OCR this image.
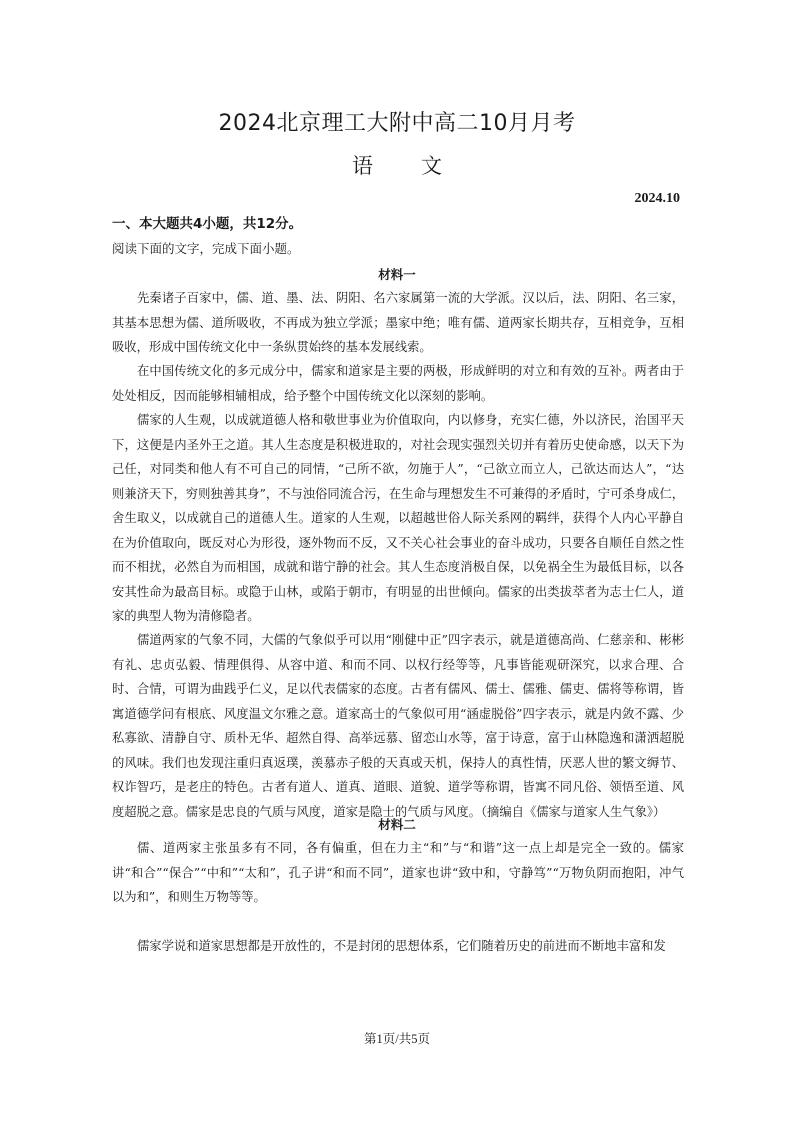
2024北京理工大附中高二10月月考
语文
2024.10
一、本大题共4小题，共12分。
阅读下面的文字，完成下面小题。
材料一

先秦诸子百家中，儒、道、墨、法、阴阳、名六家属第一流的大学派。汉以后，法、阴阳、名三家，其基本思想为儒、道所吸收，不再成为独立学派；墨家中绝；唯有儒、道两家长期共存，互相竞争，互相吸收，形成中国传统文化中一条纵贯始终的基本发展线索。

在中国传统文化的多元成分中，儒家和道家是主要的两极，形成鲜明的对立和有效的互补。两者由于处处相反，因而能够相辅相成，给予整个中国传统文化以深刻的影响。

儒家的人生观，以成就道德人格和敬世事业为价值取向，内以修身，充实仁德，外以济民，治国平天下，这便是内圣外王之道。其人生态度是积极进取的，对社会现实强烈关切并有着历史使命感，以天下为己任，对同类和他人有不可自己的同情，“己所不欲，勿施于人”，“己欲立而立人，己欲达而达人”，“达则兼济天下，穷则独善其身”，不与浊俗同流合污，在生命与理想发生不可兼得的矛盾时，宁可杀身成仁，舍生取义，以成就自己的道德人生。道家的人生观，以超越世俗人际关系网的羁绊，获得个人内心平静自在为价值取向，既反对心为形役，逐外物而不反，又不关心社会事业的奋斗成功，只要各自顺任自然之性而不相扰，必然自为而相国，成就和谐宁静的社会。其人生态度消极自保，以免祸全生为最低目标，以各安其性命为最高目标。或隐于山林，或陷于朝市，有明显的出世倾向。儒家的出类拔萃者为志士仁人，道家的典型人物为清修隐者。

儒道两家的气象不同，大儒的气象似乎可以用“刚健中正”四字表示，就是道德高尚、仁慈亲和、彬彬有礼、忠贞弘毅、情理俱得、从容中道、和而不同、以权行经等等，凡事皆能观研深究，以求合理、合时、合情，可谓为曲践乎仁义，足以代表儒家的态度。古者有儒风、儒士、儒雅、儒吏、儒将等称谓，皆寓道德学问有根底、风度温文尔雅之意。道家高士的气象似可用“涵虚脱俗”四字表示，就是内敛不露、少私寡欲、清静自守、质朴无华、超然自得、高举远慕、留恋山水等，富于诗意，富于山林隐逸和潇洒超脱的风味。我们也发现注重归真返璞，羡慕赤子般的天真或天机，保持人的真性情，厌恶人世的繁文缛节、权诈智巧，是老庄的特色。古者有道人、道真、道眼、道貌、道学等称谓，皆寓不同凡俗、领悟至道、风度超脱之意。儒家是忠良的气质与风度，道家是隐士的气质与风度。（摘编自《儒家与道家人生气象》）

材料二

儒、道两家主张虽多有不同，各有偏重，但在力主“和”与“和谐”这一点上却是完全一致的。儒家讲“和合”“保合”“中和”“太和”，孔子讲“和而不同”，道家也讲“致中和，守静笃”“万物负阴而抱阳，冲气以为和”，和则生万物等等。

儒家学说和道家思想都是开放性的，不是封闭的思想体系，它们随着历史的前进而不断地丰富和发

第1页/共5页
